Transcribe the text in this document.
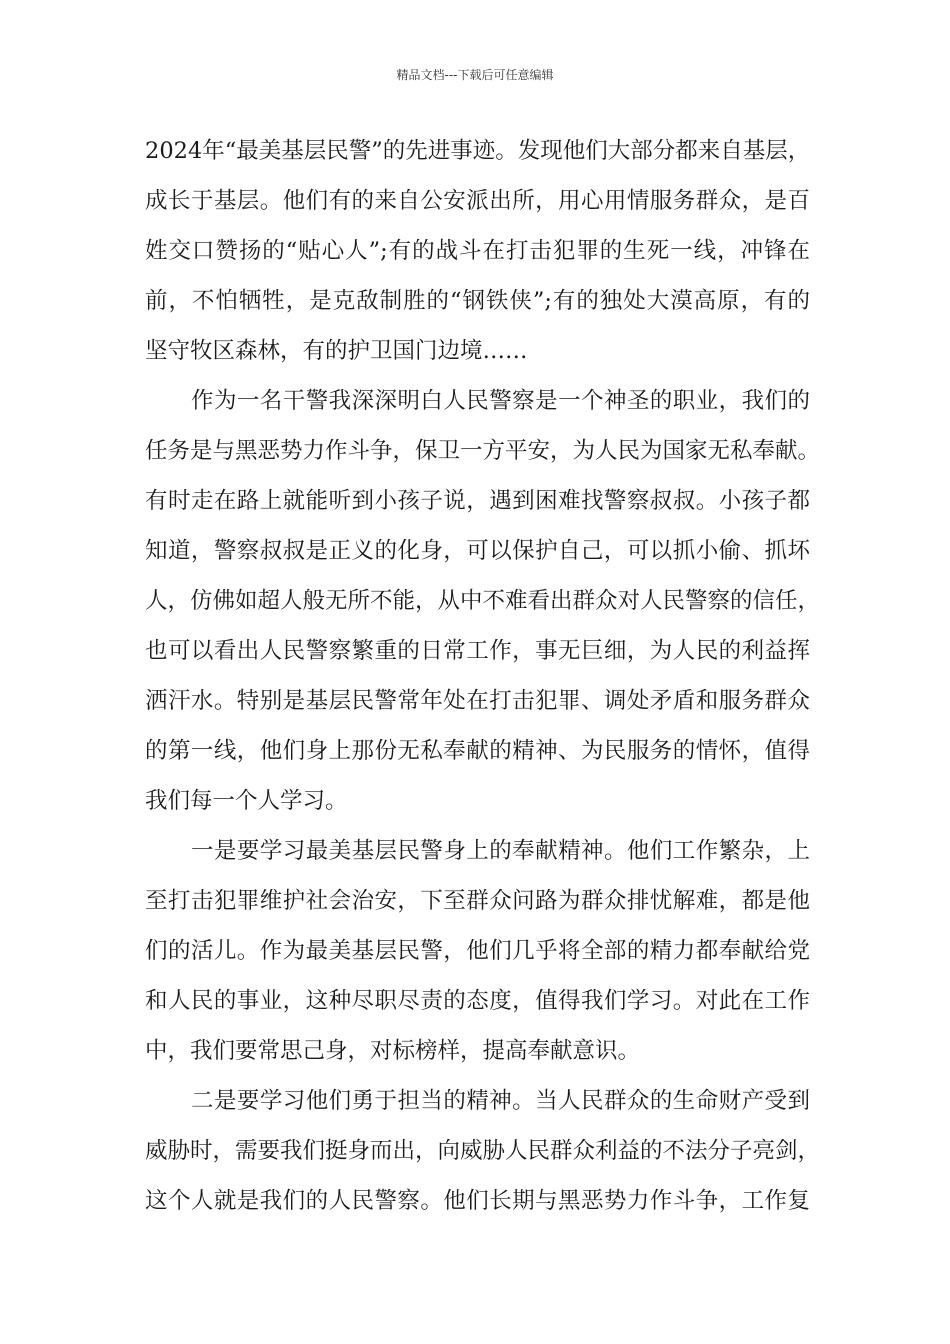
精品文档---下载后可任意编辑
2024年“最美基层民警”的先进事迹。发现他们大部分都来自基层，
成长于基层。他们有的来自公安派出所，用心用情服务群众，是百
姓交口赞扬的“贴心人”;有的战斗在打击犯罪的生死一线，冲锋在
前，不怕牺牲，是克敌制胜的“钢铁侠”;有的独处大漠高原，有的
坚守牧区森林，有的护卫国门边境……
作为一名干警我深深明白人民警察是一个神圣的职业，我们的
任务是与黑恶势力作斗争，保卫一方平安，为人民为国家无私奉献。
有时走在路上就能听到小孩子说，遇到困难找警察叔叔。小孩子都
知道，警察叔叔是正义的化身，可以保护自己，可以抓小偷、抓坏
人，仿佛如超人般无所不能，从中不难看出群众对人民警察的信任，
也可以看出人民警察繁重的日常工作，事无巨细，为人民的利益挥
洒汗水。特别是基层民警常年处在打击犯罪、调处矛盾和服务群众
的第一线，他们身上那份无私奉献的精神、为民服务的情怀，值得
我们每一个人学习。
一是要学习最美基层民警身上的奉献精神。他们工作繁杂，上
至打击犯罪维护社会治安，下至群众问路为群众排忧解难，都是他
们的活儿。作为最美基层民警，他们几乎将全部的精力都奉献给党
和人民的事业，这种尽职尽责的态度，值得我们学习。对此在工作
中，我们要常思己身，对标榜样，提高奉献意识。
二是要学习他们勇于担当的精神。当人民群众的生命财产受到
威胁时，需要我们挺身而出，向威胁人民群众利益的不法分子亮剑，
这个人就是我们的人民警察。他们长期与黑恶势力作斗争，工作复
